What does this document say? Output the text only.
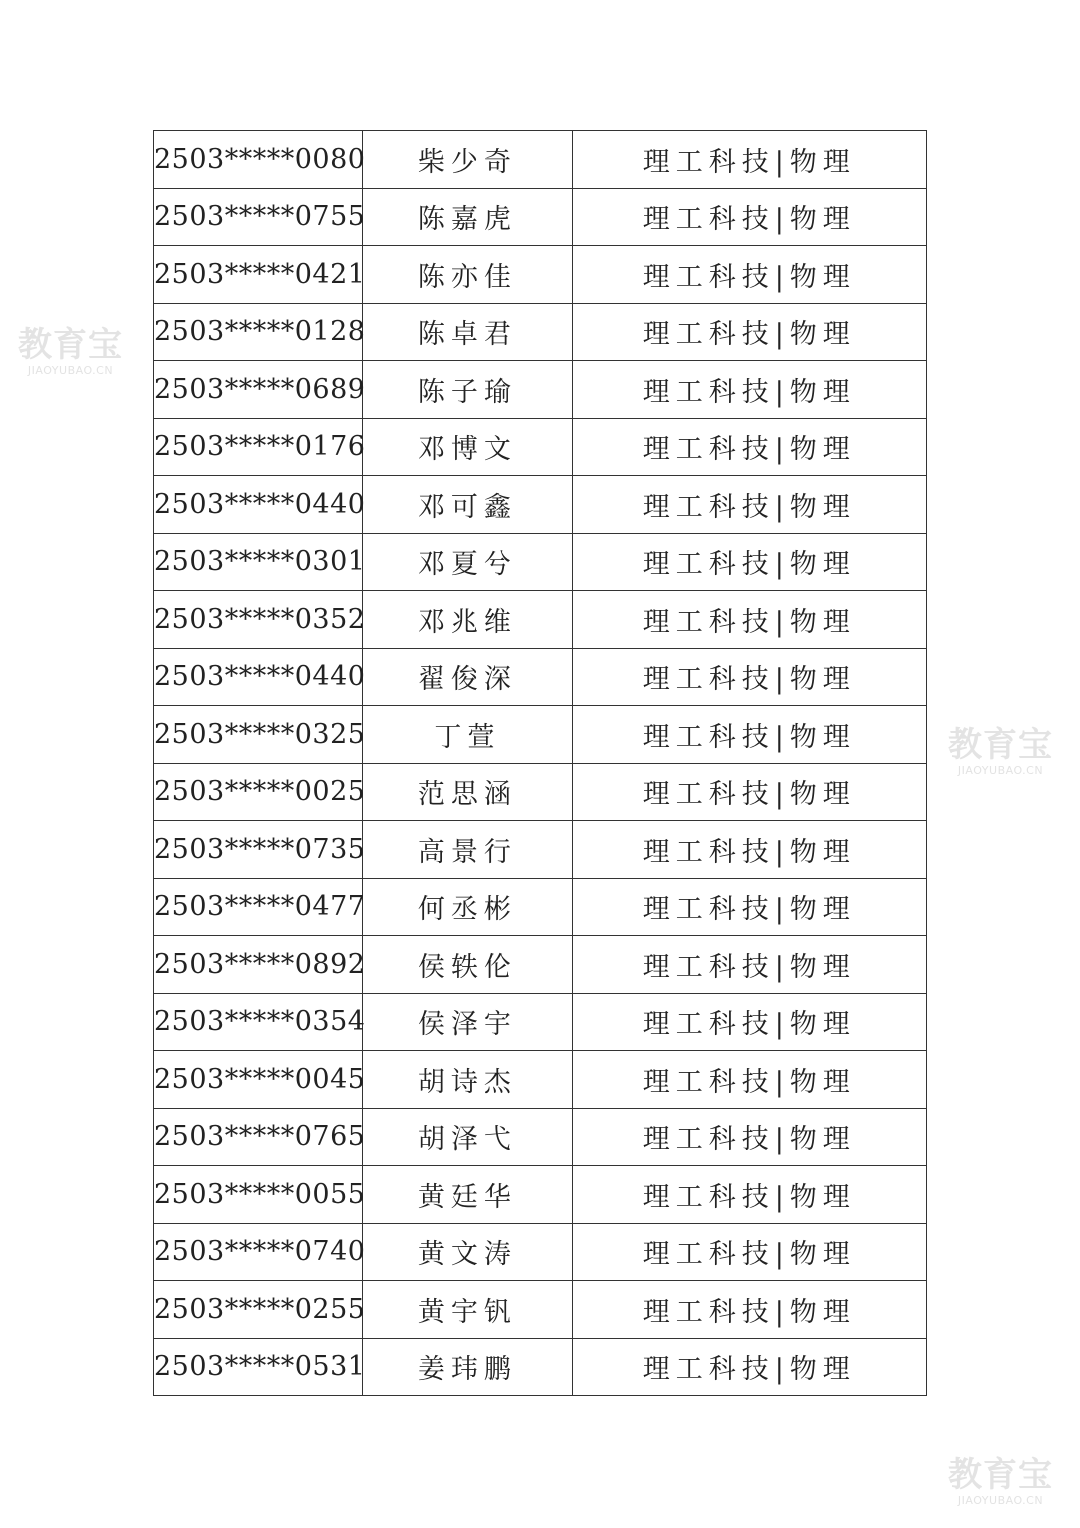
教育宝
JIAOYUBAO.CN
教育宝
JIAOYUBAO.CN
教育宝
JIAOYUBAO.CN
2503*****0080	柴少奇	理工科技|物理
2503*****0755	陈嘉虎	理工科技|物理
2503*****0421	陈亦佳	理工科技|物理
2503*****0128	陈卓君	理工科技|物理
2503*****0689	陈子瑜	理工科技|物理
2503*****0176	邓博文	理工科技|物理
2503*****0440	邓可鑫	理工科技|物理
2503*****0301	邓夏兮	理工科技|物理
2503*****0352	邓兆维	理工科技|物理
2503*****0440	翟俊深	理工科技|物理
2503*****0325	丁萱	理工科技|物理
2503*****0025	范思涵	理工科技|物理
2503*****0735	高景行	理工科技|物理
2503*****0477	何丞彬	理工科技|物理
2503*****0892	侯轶伦	理工科技|物理
2503*****0354	侯泽宇	理工科技|物理
2503*****0045	胡诗杰	理工科技|物理
2503*****0765	胡泽弋	理工科技|物理
2503*****0055	黄廷华	理工科技|物理
2503*****0740	黄文涛	理工科技|物理
2503*****0255	黄宇钒	理工科技|物理
2503*****0531	姜玮鹏	理工科技|物理
